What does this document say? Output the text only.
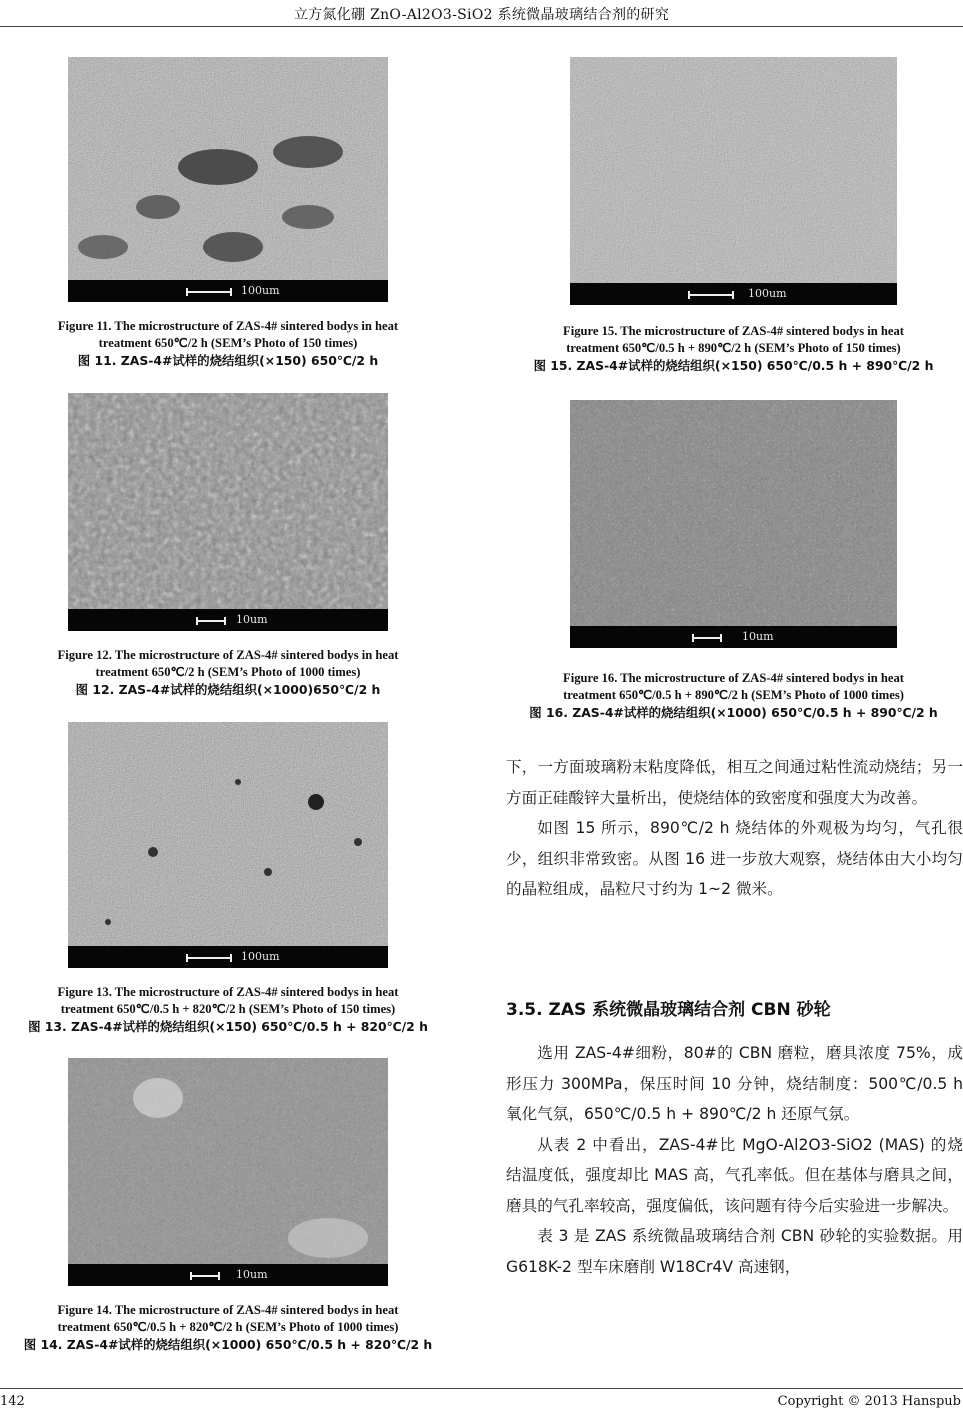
立方氮化硼 ZnO-Al2O3-SiO2 系统微晶玻璃结合剂的研究
100um
Figure 11. The microstructure of ZAS-4# sintered bodys in heat
treatment 650℃/2 h (SEM’s Photo of 150 times)
图 11. ZAS-4#试样的烧结组织(×150) 650℃/2 h
10um
Figure 12. The microstructure of ZAS-4# sintered bodys in heat
treatment 650℃/2 h (SEM’s Photo of 1000 times)
图 12. ZAS-4#试样的烧结组织(×1000)650℃/2 h
100um
Figure 13. The microstructure of ZAS-4# sintered bodys in heat
treatment 650℃/0.5 h + 820℃/2 h (SEM’s Photo of 150 times)
图 13. ZAS-4#试样的烧结组织(×150) 650℃/0.5 h + 820℃/2 h
10um
Figure 14. The microstructure of ZAS-4# sintered bodys in heat
treatment 650℃/0.5 h + 820℃/2 h (SEM’s Photo of 1000 times)
图 14. ZAS-4#试样的烧结组织(×1000) 650℃/0.5 h + 820℃/2 h
100um
Figure 15. The microstructure of ZAS-4# sintered bodys in heat
treatment 650℃/0.5 h + 890℃/2 h (SEM’s Photo of 150 times)
图 15. ZAS-4#试样的烧结组织(×150) 650℃/0.5 h + 890℃/2 h
10um
Figure 16. The microstructure of ZAS-4# sintered bodys in heat
treatment 650℃/0.5 h + 890℃/2 h (SEM’s Photo of 1000 times)
图 16. ZAS-4#试样的烧结组织(×1000) 650℃/0.5 h + 890℃/2 h

下，一方面玻璃粉末粘度降低，相互之间通过粘性流动烧结；另一方面正硅酸锌大量析出，使烧结体的致密度和强度大为改善。

如图 15 所示，890℃/2 h 烧结体的外观极为均匀，气孔很少，组织非常致密。从图 16 进一步放大观察，烧结体由大小均匀的晶粒组成，晶粒尺寸约为 1~2 微米。

3.5. ZAS 系统微晶玻璃结合剂 CBN 砂轮

选用 ZAS-4#细粉，80#的 CBN 磨粒，磨具浓度 75%，成形压力 300MPa，保压时间 10 分钟，烧结制度：500℃/0.5 h 氧化气氛，650℃/0.5 h + 890℃/2 h 还原气氛。

从表 2 中看出，ZAS-4#比 MgO-Al2O3-SiO2 (MAS) 的烧结温度低，强度却比 MAS 高，气孔率低。但在基体与磨具之间，磨具的气孔率较高，强度偏低，该问题有待今后实验进一步解决。

表 3 是 ZAS 系统微晶玻璃结合剂 CBN 砂轮的实验数据。用 G618K-2 型车床磨削 W18Cr4V 高速钢，

142	Copyright © 2013 Hanspub
